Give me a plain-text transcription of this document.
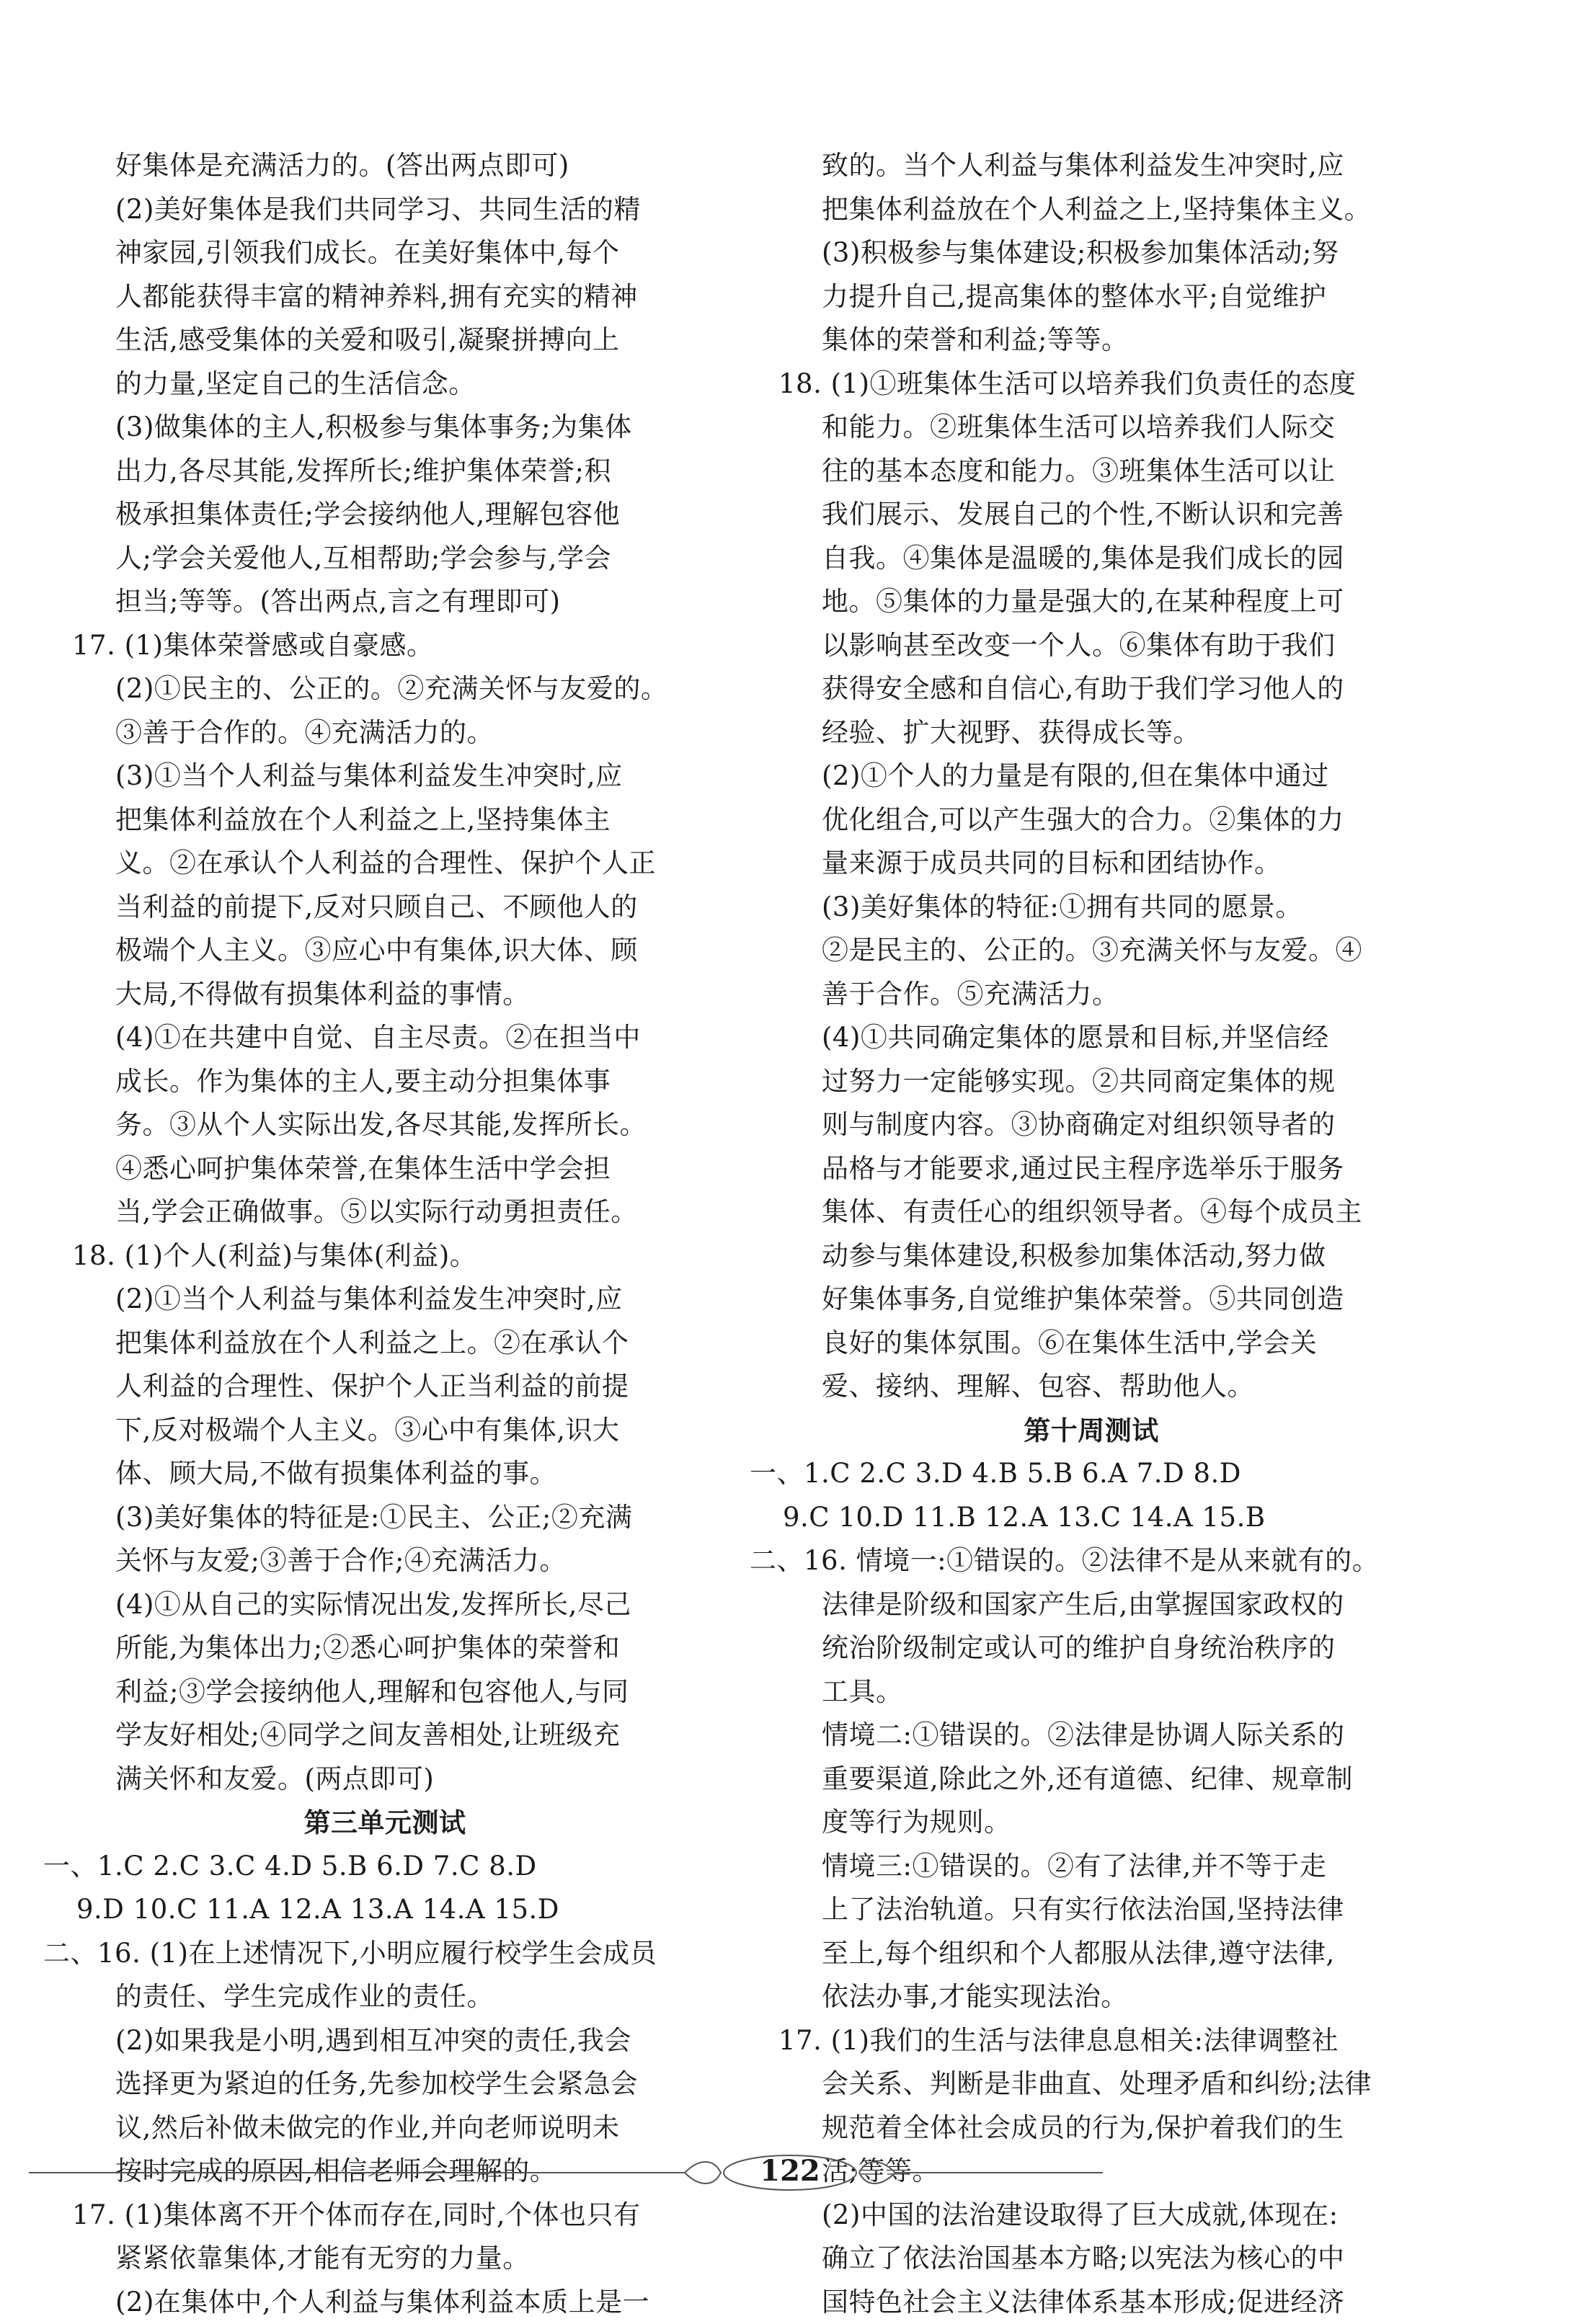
好集体是充满活力的。(答出两点即可)
(2)美好集体是我们共同学习、共同生活的精
神家园,引领我们成长。在美好集体中,每个
人都能获得丰富的精神养料,拥有充实的精神
生活,感受集体的关爱和吸引,凝聚拼搏向上
的力量,坚定自己的生活信念。
(3)做集体的主人,积极参与集体事务;为集体
出力,各尽其能,发挥所长;维护集体荣誉;积
极承担集体责任;学会接纳他人,理解包容他
人;学会关爱他人,互相帮助;学会参与,学会
担当;等等。(答出两点,言之有理即可)
17. (1)集体荣誉感或自豪感。
(2)①民主的、公正的。②充满关怀与友爱的。
③善于合作的。④充满活力的。
(3)①当个人利益与集体利益发生冲突时,应
把集体利益放在个人利益之上,坚持集体主
义。②在承认个人利益的合理性、保护个人正
当利益的前提下,反对只顾自己、不顾他人的
极端个人主义。③应心中有集体,识大体、顾
大局,不得做有损集体利益的事情。
(4)①在共建中自觉、自主尽责。②在担当中
成长。作为集体的主人,要主动分担集体事
务。③从个人实际出发,各尽其能,发挥所长。
④悉心呵护集体荣誉,在集体生活中学会担
当,学会正确做事。⑤以实际行动勇担责任。
18. (1)个人(利益)与集体(利益)。
(2)①当个人利益与集体利益发生冲突时,应
把集体利益放在个人利益之上。②在承认个
人利益的合理性、保护个人正当利益的前提
下,反对极端个人主义。③心中有集体,识大
体、顾大局,不做有损集体利益的事。
(3)美好集体的特征是:①民主、公正;②充满
关怀与友爱;③善于合作;④充满活力。
(4)①从自己的实际情况出发,发挥所长,尽己
所能,为集体出力;②悉心呵护集体的荣誉和
利益;③学会接纳他人,理解和包容他人,与同
学友好相处;④同学之间友善相处,让班级充
满关怀和友爱。(两点即可)
第三单元测试
一、1.C 2.C 3.C 4.D 5.B 6.D 7.C 8.D
9.D 10.C 11.A 12.A 13.A 14.A 15.D
二、16. (1)在上述情况下,小明应履行校学生会成员
的责任、学生完成作业的责任。
(2)如果我是小明,遇到相互冲突的责任,我会
选择更为紧迫的任务,先参加校学生会紧急会
议,然后补做未做完的作业,并向老师说明未
按时完成的原因,相信老师会理解的。
17. (1)集体离不开个体而存在,同时,个体也只有
紧紧依靠集体,才能有无穷的力量。
(2)在集体中,个人利益与集体利益本质上是一
致的。当个人利益与集体利益发生冲突时,应
把集体利益放在个人利益之上,坚持集体主义。
(3)积极参与集体建设;积极参加集体活动;努
力提升自己,提高集体的整体水平;自觉维护
集体的荣誉和利益;等等。
18. (1)①班集体生活可以培养我们负责任的态度
和能力。②班集体生活可以培养我们人际交
往的基本态度和能力。③班集体生活可以让
我们展示、发展自己的个性,不断认识和完善
自我。④集体是温暖的,集体是我们成长的园
地。⑤集体的力量是强大的,在某种程度上可
以影响甚至改变一个人。⑥集体有助于我们
获得安全感和自信心,有助于我们学习他人的
经验、扩大视野、获得成长等。
(2)①个人的力量是有限的,但在集体中通过
优化组合,可以产生强大的合力。②集体的力
量来源于成员共同的目标和团结协作。
(3)美好集体的特征:①拥有共同的愿景。
②是民主的、公正的。③充满关怀与友爱。④
善于合作。⑤充满活力。
(4)①共同确定集体的愿景和目标,并坚信经
过努力一定能够实现。②共同商定集体的规
则与制度内容。③协商确定对组织领导者的
品格与才能要求,通过民主程序选举乐于服务
集体、有责任心的组织领导者。④每个成员主
动参与集体建设,积极参加集体活动,努力做
好集体事务,自觉维护集体荣誉。⑤共同创造
良好的集体氛围。⑥在集体生活中,学会关
爱、接纳、理解、包容、帮助他人。
第十周测试
一、1.C 2.C 3.D 4.B 5.B 6.A 7.D 8.D
9.C 10.D 11.B 12.A 13.C 14.A 15.B
二、16. 情境一:①错误的。②法律不是从来就有的。
法律是阶级和国家产生后,由掌握国家政权的
统治阶级制定或认可的维护自身统治秩序的
工具。
情境二:①错误的。②法律是协调人际关系的
重要渠道,除此之外,还有道德、纪律、规章制
度等行为规则。
情境三:①错误的。②有了法律,并不等于走
上了法治轨道。只有实行依法治国,坚持法律
至上,每个组织和个人都服从法律,遵守法律,
依法办事,才能实现法治。
17. (1)我们的生活与法律息息相关:法律调整社
会关系、判断是非曲直、处理矛盾和纠纷;法律
规范着全体社会成员的行为,保护着我们的生
活;等等。
(2)中国的法治建设取得了巨大成就,体现在:
确立了依法治国基本方略;以宪法为核心的中
国特色社会主义法律体系基本形成;促进经济
122
